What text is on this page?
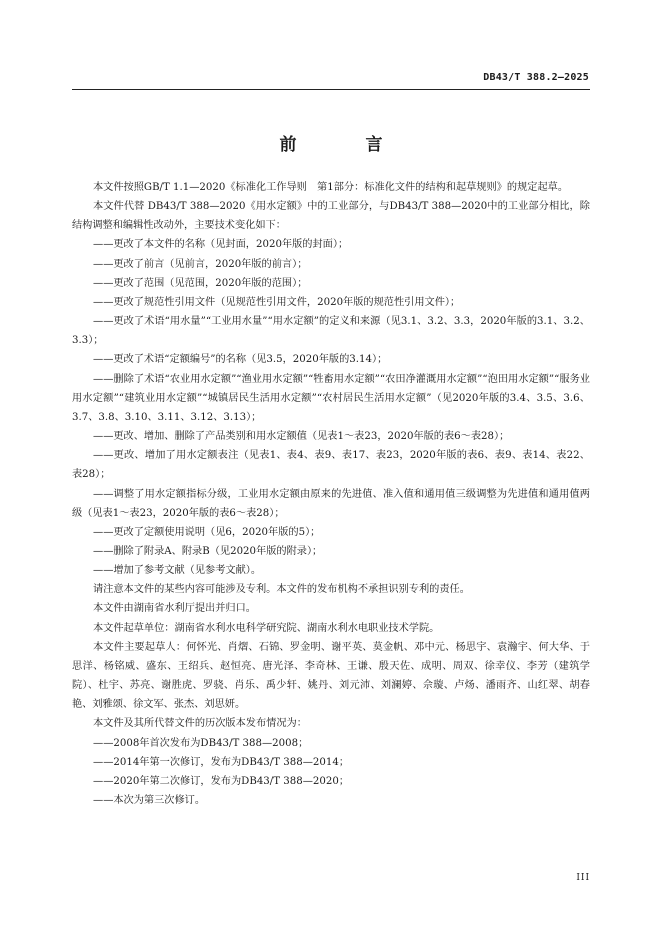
DB43/T 388.2—2025
前　言

本文件按照GB/T 1.1—2020《标准化工作导则　第1部分：标准化文件的结构和起草规则》的规定起草。

本文件代替 DB43/T 388—2020《用水定额》中的工业部分，与DB43/T 388—2020中的工业部分相比，除结构调整和编辑性改动外，主要技术变化如下：

——更改了本文件的名称（见封面，2020年版的封面）；

——更改了前言（见前言，2020年版的前言）；

——更改了范围（见范围，2020年版的范围）；

——更改了规范性引用文件（见规范性引用文件，2020年版的规范性引用文件）；

——更改了术语“用水量”“工业用水量”“用水定额”的定义和来源（见3.1、3.2、3.3，2020年版的3.1、3.2、3.3）；

——更改了术语“定额编号”的名称（见3.5，2020年版的3.14）；

——删除了术语“农业用水定额”“渔业用水定额”“牲畜用水定额”“农田净灌溉用水定额”“泡田用水定额”“服务业用水定额”“建筑业用水定额”“城镇居民生活用水定额”“农村居民生活用水定额”（见2020年版的3.4、3.5、3.6、3.7、3.8、3.10、3.11、3.12、3.13）；

——更改、增加、删除了产品类别和用水定额值（见表1～表23，2020年版的表6～表28）；

——更改、增加了用水定额表注（见表1、表4、表9、表17、表23，2020年版的表6、表9、表14、表22、表28）；

——调整了用水定额指标分级，工业用水定额由原来的先进值、准入值和通用值三级调整为先进值和通用值两级（见表1～表23，2020年版的表6～表28）；

——更改了定额使用说明（见6，2020年版的5）；

——删除了附录A、附录B（见2020年版的附录）；

——增加了参考文献（见参考文献）。

请注意本文件的某些内容可能涉及专利。本文件的发布机构不承担识别专利的责任。

本文件由湖南省水利厅提出并归口。

本文件起草单位：湖南省水利水电科学研究院、湖南水利水电职业技术学院。

本文件主要起草人：何怀光、肖熠、石锦、罗金明、谢平英、莫金帆、邓中元、杨思宇、袁瀚宇、何大华、于思洋、杨铭威、盛东、王绍兵、赵恒亮、唐光泽、李奇林、王谦、殷天佐、成明、周双、徐幸仪、李芳（建筑学院）、杜宇、苏亮、谢胜虎、罗骁、肖乐、禹少轩、姚丹、刘元沛、刘澜婷、佘璇、卢炀、潘雨齐、山红翠、胡春艳、刘雅颂、徐文军、张杰、刘思妍。

本文件及其所代替文件的历次版本发布情况为：

——2008年首次发布为DB43/T 388—2008；

——2014年第一次修订，发布为DB43/T 388—2014；

——2020年第二次修订，发布为DB43/T 388—2020；

——本次为第三次修订。

III
